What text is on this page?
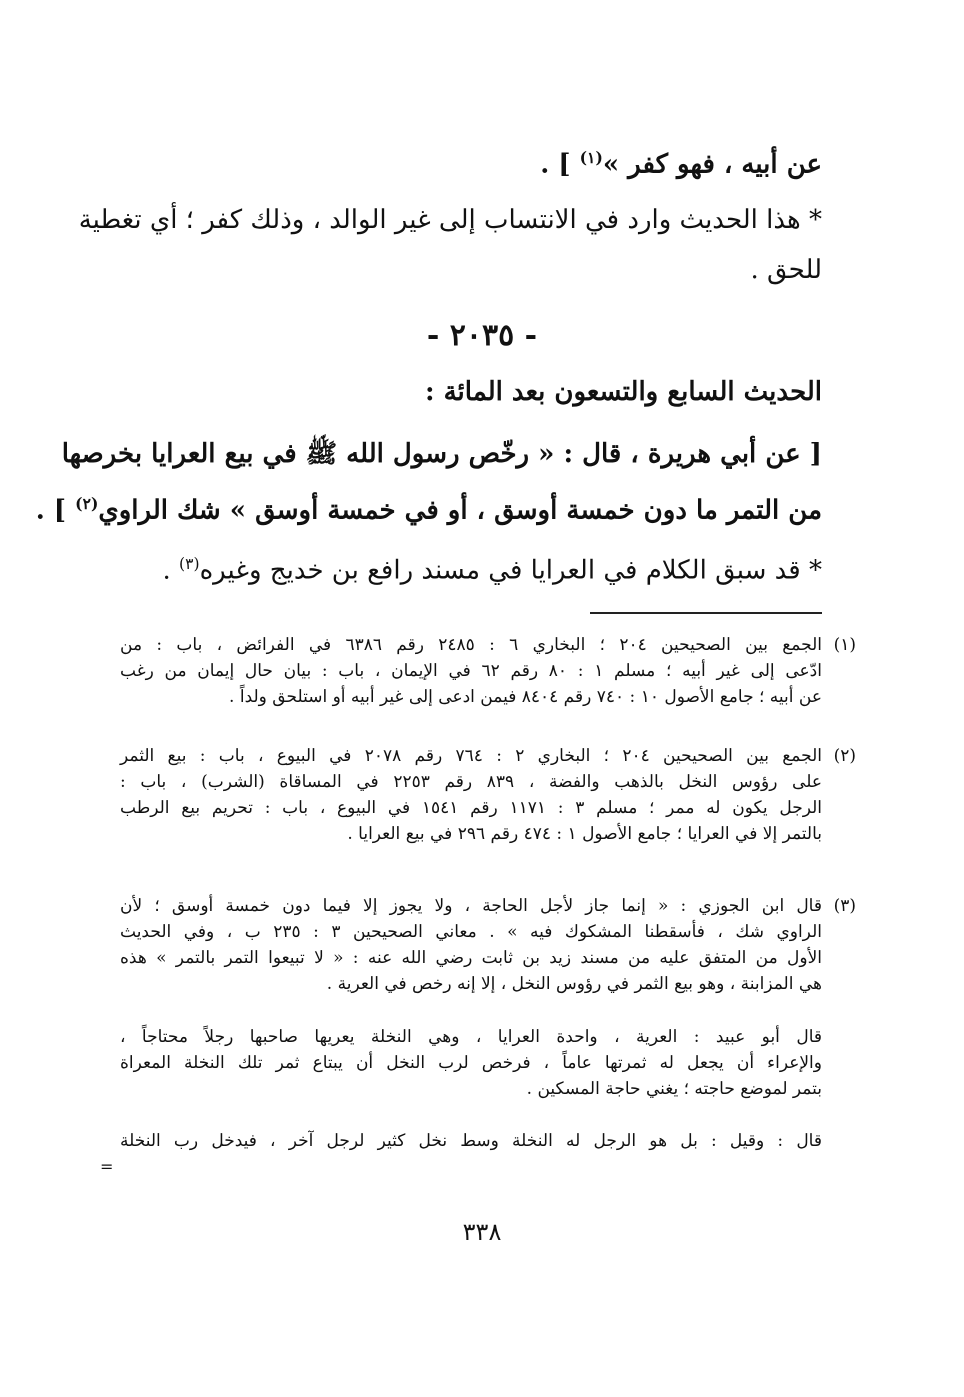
عن أبيه ، فهو كفر »$^{(١)}$ ] .
* هذا الحديث وارد في الانتساب إلى غير الوالد ، وذلك كفر ؛ أي تغطية
للحق .
- ٢٠٣٥ -
الحديث السابع والتسعون بعد المائة :
[ عن أبي هريرة ، قال : « رخّص رسول الله ﷺ في بيع العرايا بخرصها
من التمر ما دون خمسة أوسق ، أو في خمسة أوسق » شك الراوي$^{(٢)}$ ] .
* قد سبق الكلام في العرايا في مسند رافع بن خديج وغيره$^{(٣)}$ .
(١)
الجمع بين الصحيحين ٢٠٤ ؛ البخاري ٦ : ٢٤٨٥ رقم ٦٣٨٦ في الفرائض ، باب : من
ادّعى إلى غير أبيه ؛ مسلم ١ : ٨٠ رقم ٦٢ في الإيمان ، باب : بيان حال إيمان من رغب
عن أبيه ؛ جامع الأصول ١٠ : ٧٤٠ رقم ٨٤٠٤ فيمن ادعى إلى غير أبيه أو استلحق ولداً .
(٢)
الجمع بين الصحيحين ٢٠٤ ؛ البخاري ٢ : ٧٦٤ رقم ٢٠٧٨ في البيوع ، باب : بيع الثمر
على رؤوس النخل بالذهب والفضة ، ٨٣٩ رقم ٢٢٥٣ في المساقاة (الشرب) ، باب :
الرجل يكون له ممر ؛ مسلم ٣ : ١١٧١ رقم ١٥٤١ في البيوع ، باب : تحريم بيع الرطب
بالتمر إلا في العرايا ؛ جامع الأصول ١ : ٤٧٤ رقم ٢٩٦ في بيع العرايا .
(٣)
قال ابن الجوزي : « إنما جاز لأجل الحاجة ، ولا يجوز إلا فيما دون خمسة أوسق ؛ لأن
الراوي شك ، فأسقطنا المشكوك فيه » . معاني الصحيحين ٣ : ٢٣٥ ب ، وفي الحديث
الأول من المتفق عليه من مسند زيد بن ثابت رضي الله عنه : « لا تبيعوا التمر بالتمر » هذه
هي المزابنة ، وهو بيع الثمر في رؤوس النخل ، إلا إنه رخص في العرية .
قال أبو عبيد : العرية ، واحدة العرايا ، وهي النخلة يعريها صاحبها رجلاً محتاجاً ،
والإعراء أن يجعل له ثمرتها عاماً ، فرخص لرب النخل أن يبتاع ثمر تلك النخلة المعراة
بتمر لموضع حاجته ؛ يغني حاجة المسكين .
قال : وقيل : بل هو الرجل له النخلة وسط نخل كثير لرجل آخر ، فيدخل رب النخلة
=
٣٣٨
